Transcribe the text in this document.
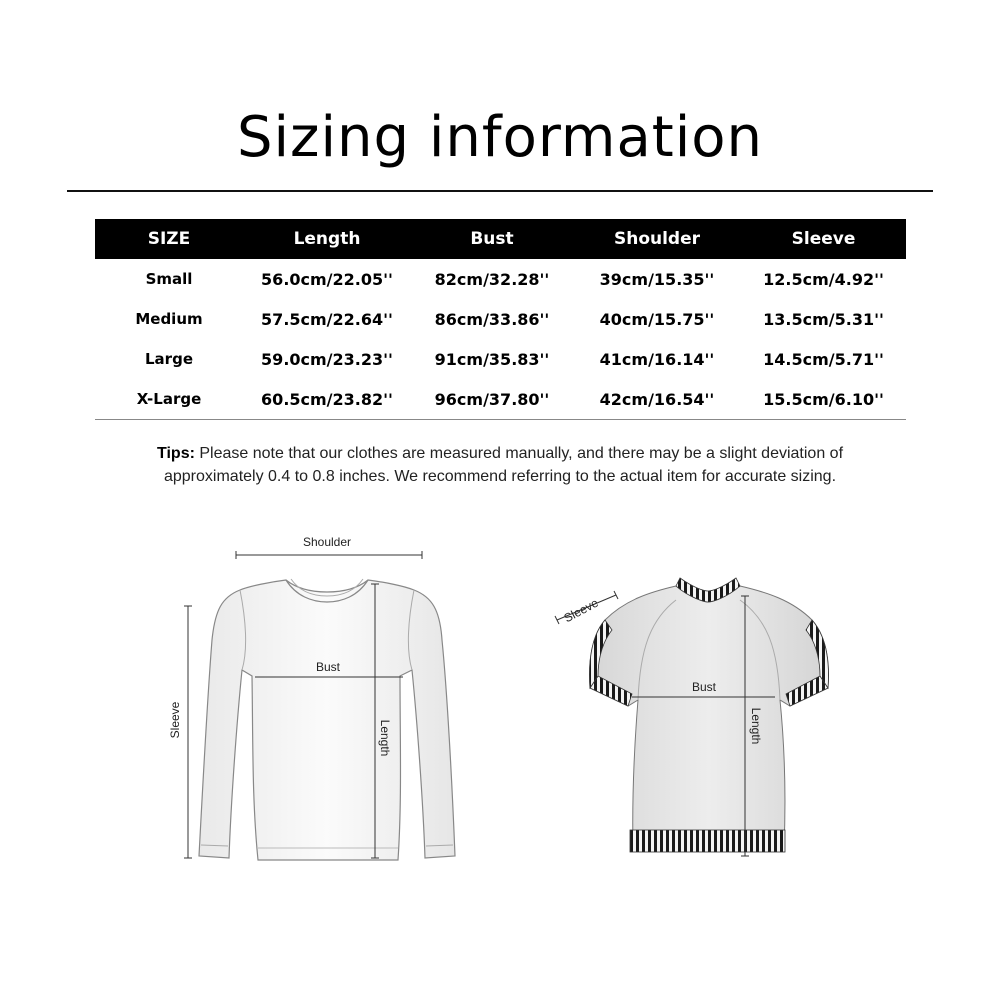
Sizing information
SIZE	Length	Bust	Shoulder	Sleeve
Small	56.0cm/22.05''	82cm/32.28''	39cm/15.35''	12.5cm/4.92''
Medium	57.5cm/22.64''	86cm/33.86''	40cm/15.75''	13.5cm/5.31''
Large	59.0cm/23.23''	91cm/35.83''	41cm/16.14''	14.5cm/5.71''
X-Large	60.5cm/23.82''	96cm/37.80''	42cm/16.54''	15.5cm/6.10''
Tips: Please note that our clothes are measured manually, and there may be a slight deviation of approximately 0.4 to 0.8 inches. We recommend referring to the actual item for accurate sizing.
Shoulder
Bust
Sleeve	Length
Sleeve
Bust
Length
